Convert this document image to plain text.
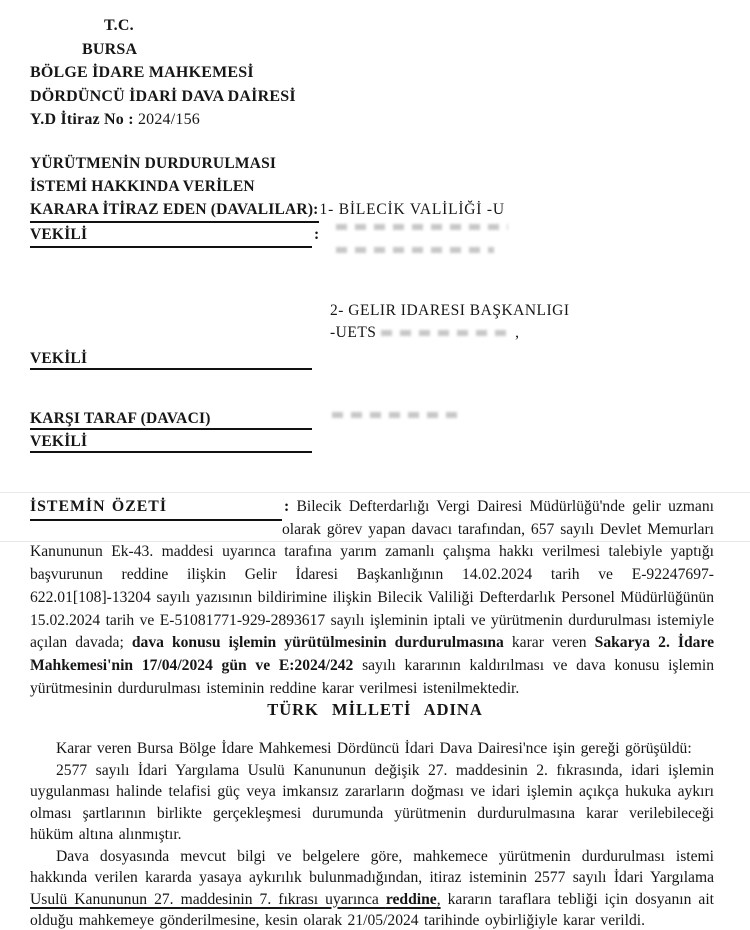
T.C.
BURSA
BÖLGE İDARE MAHKEMESİ
DÖRDÜNCÜ İDARİ DAVA DAİRESİ
Y.D İtiraz No : 2024/156
YÜRÜTMENİN DURDURULMASI
İSTEMİ HAKKINDA VERİLEN
KARARA İTİRAZ EDEN (DAVALILAR):1- BİLECİK VALİLİĞİ -U
VEKİLİ	:
2- GELIR IDARESI BAŞKANLIGI
-UETS	,
VEKİLİ
KARŞI TARAF (DAVACI)
VEKİLİ

İSTEMİN ÖZETİ	: Bilecik Defterdarlığı Vergi Dairesi Müdürlüğü'nde gelir uzmanı olarak görev yapan davacı tarafından, 657 sayılı Devlet Memurları Kanununun Ek-43. maddesi uyarınca tarafına yarım zamanlı çalışma hakkı verilmesi talebiyle yaptığı başvurunun reddine ilişkin Gelir İdaresi Başkanlığının 14.02.2024 tarih ve E-92247697-622.01[108]-13204 sayılı yazısının bildirimine ilişkin Bilecik Valiliği Defterdarlık Personel Müdürlüğünün 15.02.2024 tarih ve E-51081771-929-2893617 sayılı işleminin iptali ve yürütmenin durdurulması istemiyle açılan davada; dava konusu işlemin yürütülmesinin durdurulmasına karar veren Sakarya 2. İdare Mahkemesi'nin 17/04/2024 gün ve E:2024/242 sayılı kararının kaldırılması ve dava konusu işlemin yürütmesinin durdurulması isteminin reddine karar verilmesi istenilmektedir.

TÜRK MİLLETİ ADINA

Karar veren Bursa Bölge İdare Mahkemesi Dördüncü İdari Dava Dairesi'nce işin gereği görüşüldü:

2577 sayılı İdari Yargılama Usulü Kanununun değişik 27. maddesinin 2. fıkrasında, idari işlemin uygulanması halinde telafisi güç veya imkansız zararların doğması ve idari işlemin açıkça hukuka aykırı olması şartlarının birlikte gerçekleşmesi durumunda yürütmenin durdurulmasına karar verilebileceği hüküm altına alınmıştır.

Dava dosyasında mevcut bilgi ve belgelere göre, mahkemece yürütmenin durdurulması istemi hakkında verilen kararda yasaya aykırılık bulunmadığından, itiraz isteminin 2577 sayılı İdari Yargılama Usulü Kanununun 27. maddesinin 7. fıkrası uyarınca reddine, kararın taraflara tebliği için dosyanın ait olduğu mahkemeye gönderilmesine, kesin olarak 21/05/2024 tarihinde oybirliğiyle karar verildi.
